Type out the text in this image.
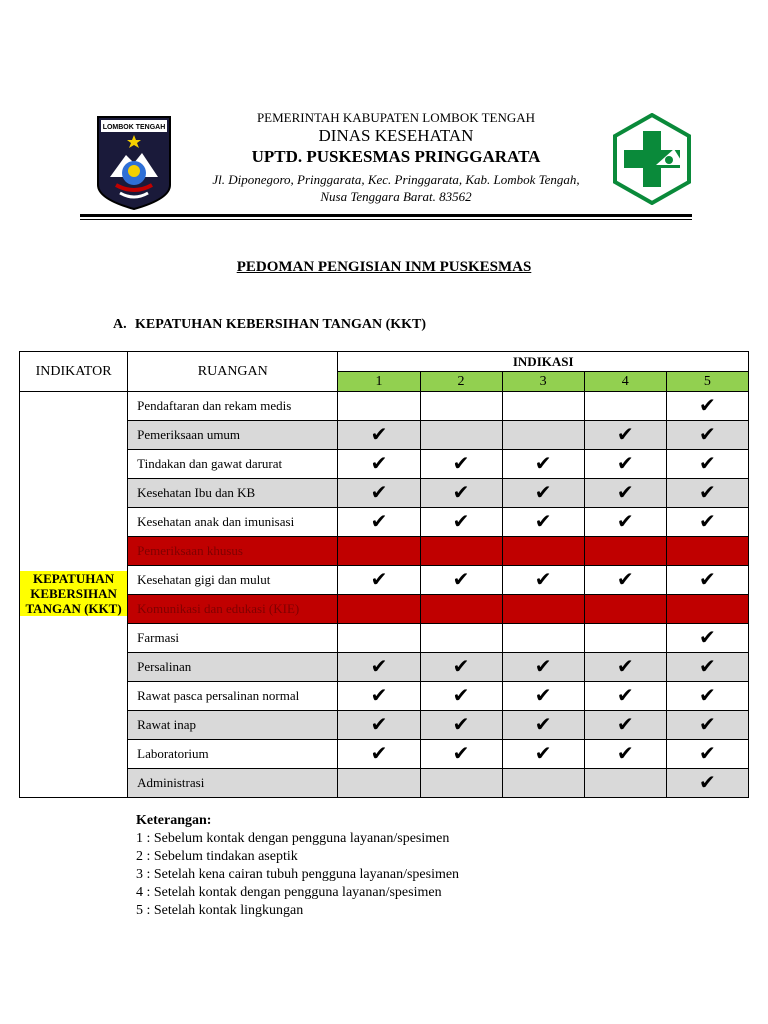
LOMBOK TENGAH
PEMERINTAH KABUPATEN LOMBOK TENGAH
DINAS KESEHATAN
UPTD. PUSKESMAS PRINGGARATA
Jl. Diponegoro, Pringgarata, Kec. Pringgarata, Kab. Lombok Tengah,
Nusa Tenggara Barat. 83562
PEDOMAN PENGISIAN INM PUSKESMAS
A. KEPATUHAN KEBERSIHAN TANGAN (KKT)
INDIKATOR	RUANGAN	INDIKASI				
		1	2	3	4	5
KEPATUHAN KEBERSIHAN TANGAN (KKT)	Pendaftaran dan rekam medis					✔
	Pemeriksaan umum	✔			✔	✔
	Tindakan dan gawat darurat	✔	✔	✔	✔	✔
	Kesehatan Ibu dan KB	✔	✔	✔	✔	✔
	Kesehatan anak dan imunisasi	✔	✔	✔	✔	✔
	Pemeriksaan khusus					
	Kesehatan gigi dan mulut	✔	✔	✔	✔	✔
	Komunikasi dan edukasi (KIE)					
	Farmasi					✔
	Persalinan	✔	✔	✔	✔	✔
	Rawat pasca persalinan normal	✔	✔	✔	✔	✔
	Rawat inap	✔	✔	✔	✔	✔
	Laboratorium	✔	✔	✔	✔	✔
	Administrasi					✔
Keterangan:
1 : Sebelum kontak dengan pengguna layanan/spesimen
2 : Sebelum tindakan aseptik
3 : Setelah kena cairan tubuh pengguna layanan/spesimen
4 : Setelah kontak dengan pengguna layanan/spesimen
5 : Setelah kontak lingkungan
